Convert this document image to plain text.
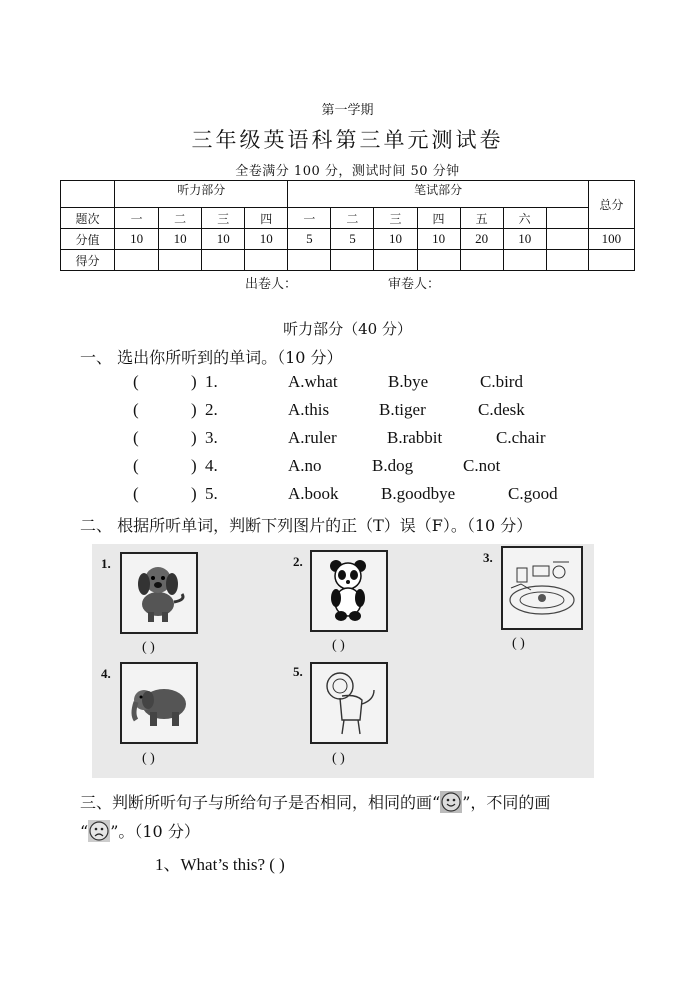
第一学期
三年级英语科第三单元测试卷
全卷满分 100 分，测试时间 50 分钟
	听力部分				笔试部分							总分
题次	一	二	三	四	一	二	三	四	五	六		
分值	10	10	10	10	5	5	10	10	20	10		100
得分												
出卷人：	审卷人：
听力部分（40 分）
一、 选出你所听到的单词。（10 分）
(	) 1.	A.what	B.bye	C.bird
(	) 2.	A.this	B.tiger	C.desk
(	) 3.	A.ruler	B.rabbit	C.chair
(	) 4.	A.no	B.dog	C.not
(	) 5.	A.book B.goodbye	C.good
二、 根据所听单词，判断下列图片的正（T）误（F）。（10 分）
1.
( )
2.
( )
3.
( )
4.
( )
5.
( )
三、判断所听句子与所给句子是否相同，相同的画“ ”，不同的画
“ ”。（10 分）
1、What’s this? ( )
